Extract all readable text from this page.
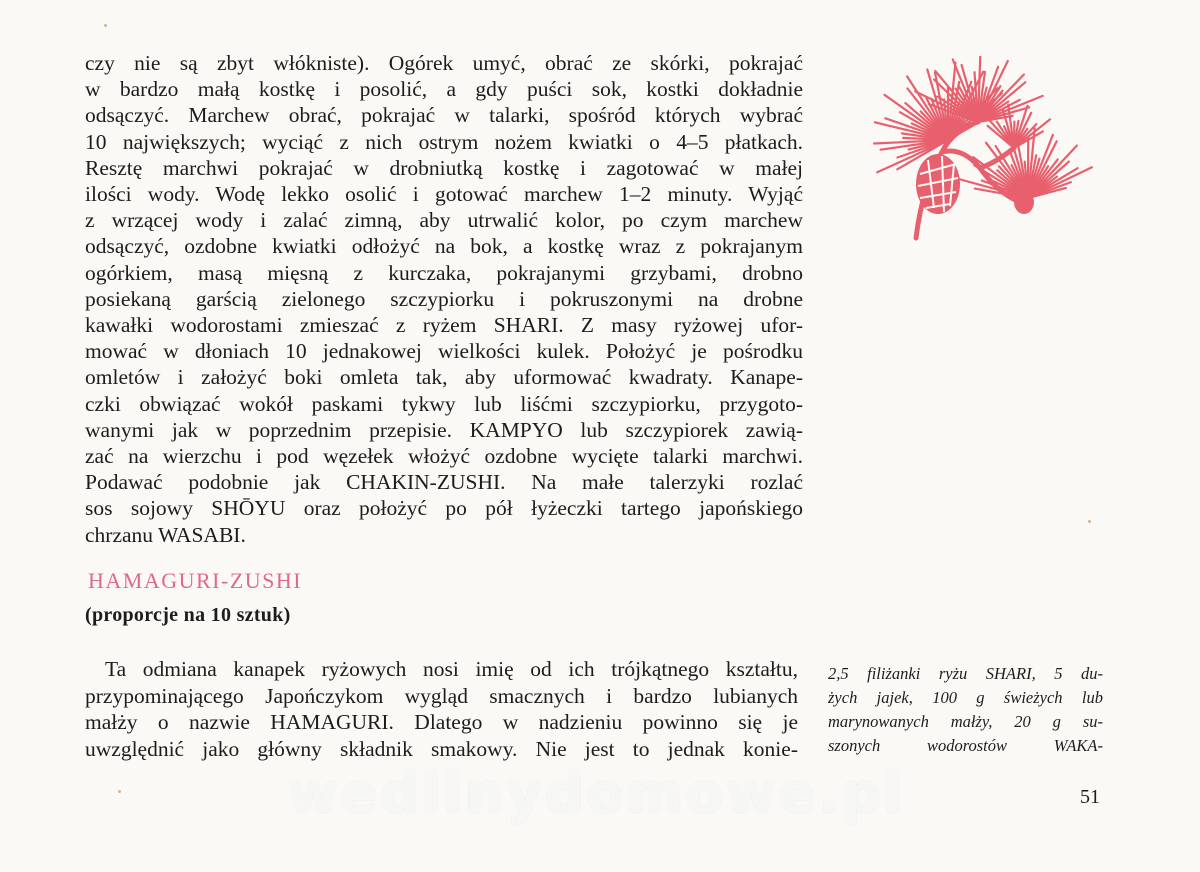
czy nie są zbyt włókniste). Ogórek umyć, obrać ze skórki, pokrajać
w bardzo małą kostkę i posolić, a gdy puści sok, kostki dokładnie
odsączyć. Marchew obrać, pokrajać w talarki, spośród których wybrać
10 największych; wyciąć z nich ostrym nożem kwiatki o 4–5 płatkach.
Resztę marchwi pokrajać w drobniutką kostkę i zagotować w małej
ilości wody. Wodę lekko osolić i gotować marchew 1–2 minuty. Wyjąć
z wrzącej wody i zalać zimną, aby utrwalić kolor, po czym marchew
odsączyć, ozdobne kwiatki odłożyć na bok, a kostkę wraz z pokrajanym
ogórkiem, masą mięsną z kurczaka, pokrajanymi grzybami, drobno
posiekaną garścią zielonego szczypiorku i pokruszonymi na drobne
kawałki wodorostami zmieszać z ryżem SHARI. Z masy ryżowej ufor-
mować w dłoniach 10 jednakowej wielkości kulek. Położyć je pośrodku
omletów i założyć boki omleta tak, aby uformować kwadraty. Kanape-
czki obwiązać wokół paskami tykwy lub liśćmi szczypiorku, przygoto-
wanymi jak w poprzednim przepisie. KAMPYO lub szczypiorek zawią-
zać na wierzchu i pod węzełek włożyć ozdobne wycięte talarki marchwi.
Podawać podobnie jak CHAKIN-ZUSHI. Na małe talerzyki rozlać
sos sojowy SHŌYU oraz położyć po pół łyżeczki tartego japońskiego
chrzanu WASABI.
HAMAGURI-ZUSHI
(proporcje na 10 sztuk)
Ta odmiana kanapek ryżowych nosi imię od ich trójkątnego kształtu,
przypominającego Japończykom wygląd smacznych i bardzo lubianych
małży o nazwie HAMAGURI. Dlatego w nadzieniu powinno się je
uwzględnić jako główny składnik smakowy. Nie jest to jednak konie-
2,5 filiżanki ryżu SHARI, 5 du-
żych jajek, 100 g świeżych lub
marynowanych małży, 20 g su-
szonych wodorostów WAKA-
51
wedlinydomowe.pl
